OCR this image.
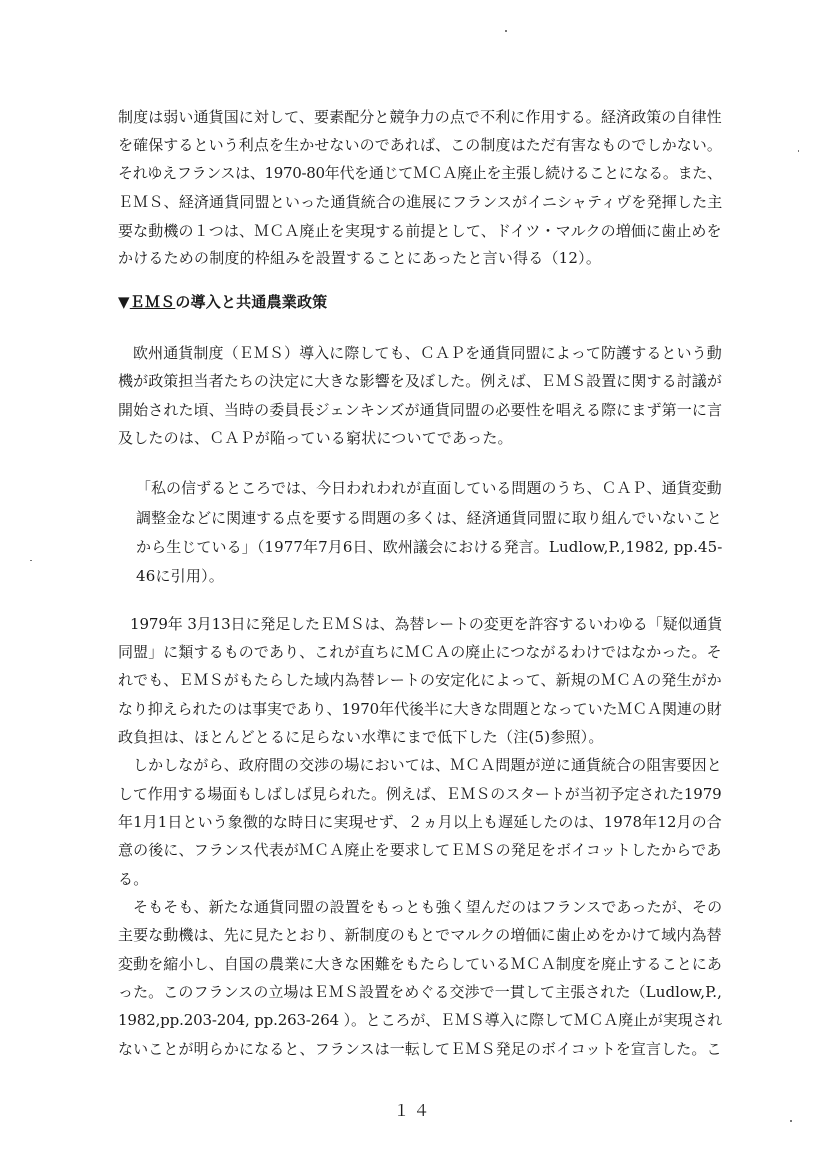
制度は弱い通貨国に対して、要素配分と競争力の点で不利に作用する。経済政策の自律性
を確保するという利点を生かせないのであれば、この制度はただ有害なものでしかない。
それゆえフランスは、1970-80年代を通じてＭＣＡ廃止を主張し続けることになる。また、
ＥＭＳ、経済通貨同盟といった通貨統合の進展にフランスがイニシャティヴを発揮した主
要な動機の１つは、ＭＣＡ廃止を実現する前提として、ドイツ・マルクの増価に歯止めを
かけるための制度的枠組みを設置することにあったと言い得る（12）。
▼ＥＭＳの導入と共通農業政策
欧州通貨制度（ＥＭＳ）導入に際しても、ＣＡＰを通貨同盟によって防護するという動
機が政策担当者たちの決定に大きな影響を及ぼした。例えば、ＥＭＳ設置に関する討議が
開始された頃、当時の委員長ジェンキンズが通貨同盟の必要性を唱える際にまず第一に言
及したのは、ＣＡＰが陥っている窮状についてであった。
「私の信ずるところでは、今日われわれが直面している問題のうち、ＣＡＰ、通貨変動
調整金などに関連する点を要する問題の多くは、経済通貨同盟に取り組んでいないこと
から生じている」（1977年7月6日、欧州議会における発言。Ludlow,P.,1982, pp.45-
46に引用）。
1979年 3月13日に発足したＥＭＳは、為替レートの変更を許容するいわゆる「疑似通貨
同盟」に類するものであり、これが直ちにＭＣＡの廃止につながるわけではなかった。そ
れでも、ＥＭＳがもたらした域内為替レートの安定化によって、新規のＭＣＡの発生がか
なり抑えられたのは事実であり、1970年代後半に大きな問題となっていたＭＣＡ関連の財
政負担は、ほとんどとるに足らない水準にまで低下した（注(5)参照）。
しかしながら、政府間の交渉の場においては、ＭＣＡ問題が逆に通貨統合の阻害要因と
して作用する場面もしばしば見られた。例えば、ＥＭＳのスタートが当初予定された1979
年1月1日という象徴的な時日に実現せず、２ヵ月以上も遅延したのは、1978年12月の合
意の後に、フランス代表がＭＣＡ廃止を要求してＥＭＳの発足をボイコットしたからであ
る。
そもそも、新たな通貨同盟の設置をもっとも強く望んだのはフランスであったが、その
主要な動機は、先に見たとおり、新制度のもとでマルクの増価に歯止めをかけて域内為替
変動を縮小し、自国の農業に大きな困難をもたらしているＭＣＡ制度を廃止することにあ
った。このフランスの立場はＥＭＳ設置をめぐる交渉で一貫して主張された（Ludlow,P.,
1982,pp.203-204, pp.263-264 ）。ところが、ＥＭＳ導入に際してＭＣＡ廃止が実現され
ないことが明らかになると、フランスは一転してＥＭＳ発足のボイコットを宣言した。こ
１４
